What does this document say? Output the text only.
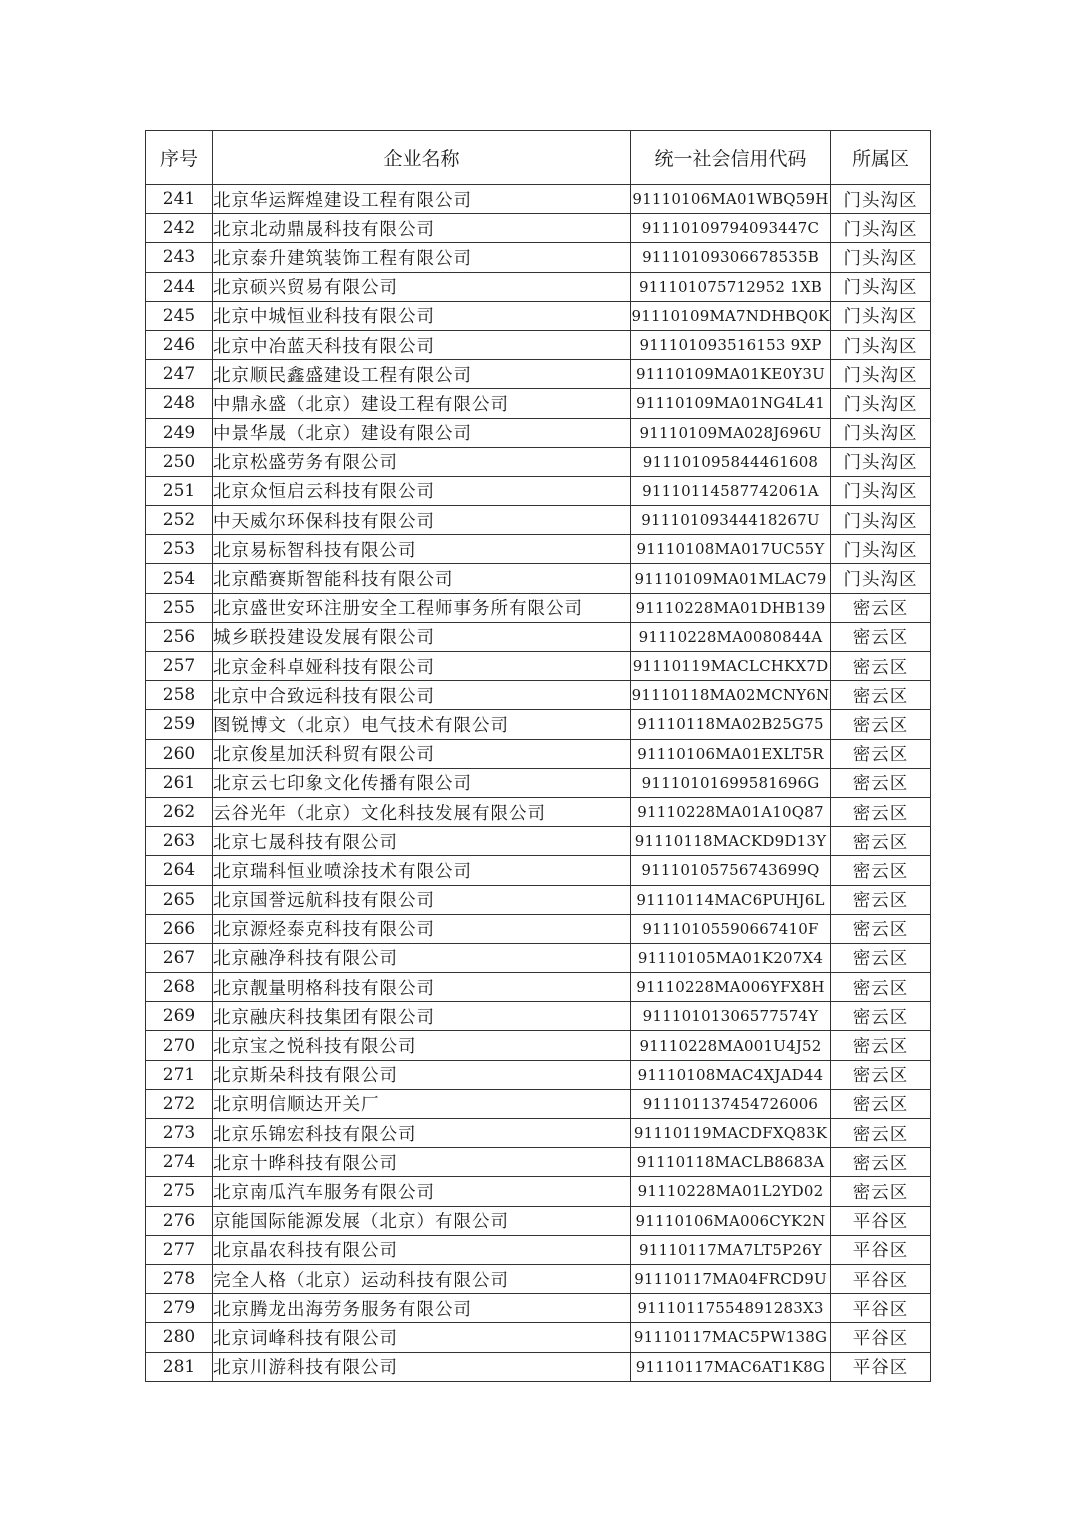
序号	企业名称	统一社会信用代码	所属区
241	北京华运辉煌建设工程有限公司	91110106MA01WBQ59H	门头沟区
242	北京北动鼎晟科技有限公司	91110109794093447C	门头沟区
243	北京泰升建筑装饰工程有限公司	91110109306678535B	门头沟区
244	北京硕兴贸易有限公司	911101075712952 1XB	门头沟区
245	北京中城恒业科技有限公司	91110109MA7NDHBQ0K	门头沟区
246	北京中冶蓝天科技有限公司	911101093516153 9XP	门头沟区
247	北京顺民鑫盛建设工程有限公司	91110109MA01KE0Y3U	门头沟区
248	中鼎永盛（北京）建设工程有限公司	91110109MA01NG4L41	门头沟区
249	中景华晟（北京）建设有限公司	91110109MA028J696U	门头沟区
250	北京松盛劳务有限公司	911101095844461608	门头沟区
251	北京众恒启云科技有限公司	91110114587742061A	门头沟区
252	中天威尔环保科技有限公司	91110109344418267U	门头沟区
253	北京易标智科技有限公司	91110108MA017UC55Y	门头沟区
254	北京酷赛斯智能科技有限公司	91110109MA01MLAC79	门头沟区
255	北京盛世安环注册安全工程师事务所有限公司	91110228MA01DHB139	密云区
256	城乡联投建设发展有限公司	91110228MA0080844A	密云区
257	北京金科卓娅科技有限公司	91110119MACLCHKX7D	密云区
258	北京中合致远科技有限公司	91110118MA02MCNY6N	密云区
259	图锐博文（北京）电气技术有限公司	91110118MA02B25G75	密云区
260	北京俊星加沃科贸有限公司	91110106MA01EXLT5R	密云区
261	北京云七印象文化传播有限公司	91110101699581696G	密云区
262	云谷光年（北京）文化科技发展有限公司	91110228MA01A10Q87	密云区
263	北京七晟科技有限公司	91110118MACKD9D13Y	密云区
264	北京瑞科恒业喷涂技术有限公司	91110105756743699Q	密云区
265	北京国誉远航科技有限公司	91110114MAC6PUHJ6L	密云区
266	北京源烃泰克科技有限公司	91110105590667410F	密云区
267	北京融净科技有限公司	91110105MA01K207X4	密云区
268	北京靓量明格科技有限公司	91110228MA006YFX8H	密云区
269	北京融庆科技集团有限公司	91110101306577574Y	密云区
270	北京宝之悦科技有限公司	91110228MA001U4J52	密云区
271	北京斯朵科技有限公司	91110108MAC4XJAD44	密云区
272	北京明信顺达开关厂	911101137454726006	密云区
273	北京乐锦宏科技有限公司	91110119MACDFXQ83K	密云区
274	北京十晔科技有限公司	91110118MACLB8683A	密云区
275	北京南瓜汽车服务有限公司	91110228MA01L2YD02	密云区
276	京能国际能源发展（北京）有限公司	91110106MA006CYK2N	平谷区
277	北京晶农科技有限公司	91110117MA7LT5P26Y	平谷区
278	完全人格（北京）运动科技有限公司	91110117MA04FRCD9U	平谷区
279	北京腾龙出海劳务服务有限公司	91110117554891283X3	平谷区
280	北京词峰科技有限公司	91110117MAC5PW138G	平谷区
281	北京川游科技有限公司	91110117MAC6AT1K8G	平谷区
